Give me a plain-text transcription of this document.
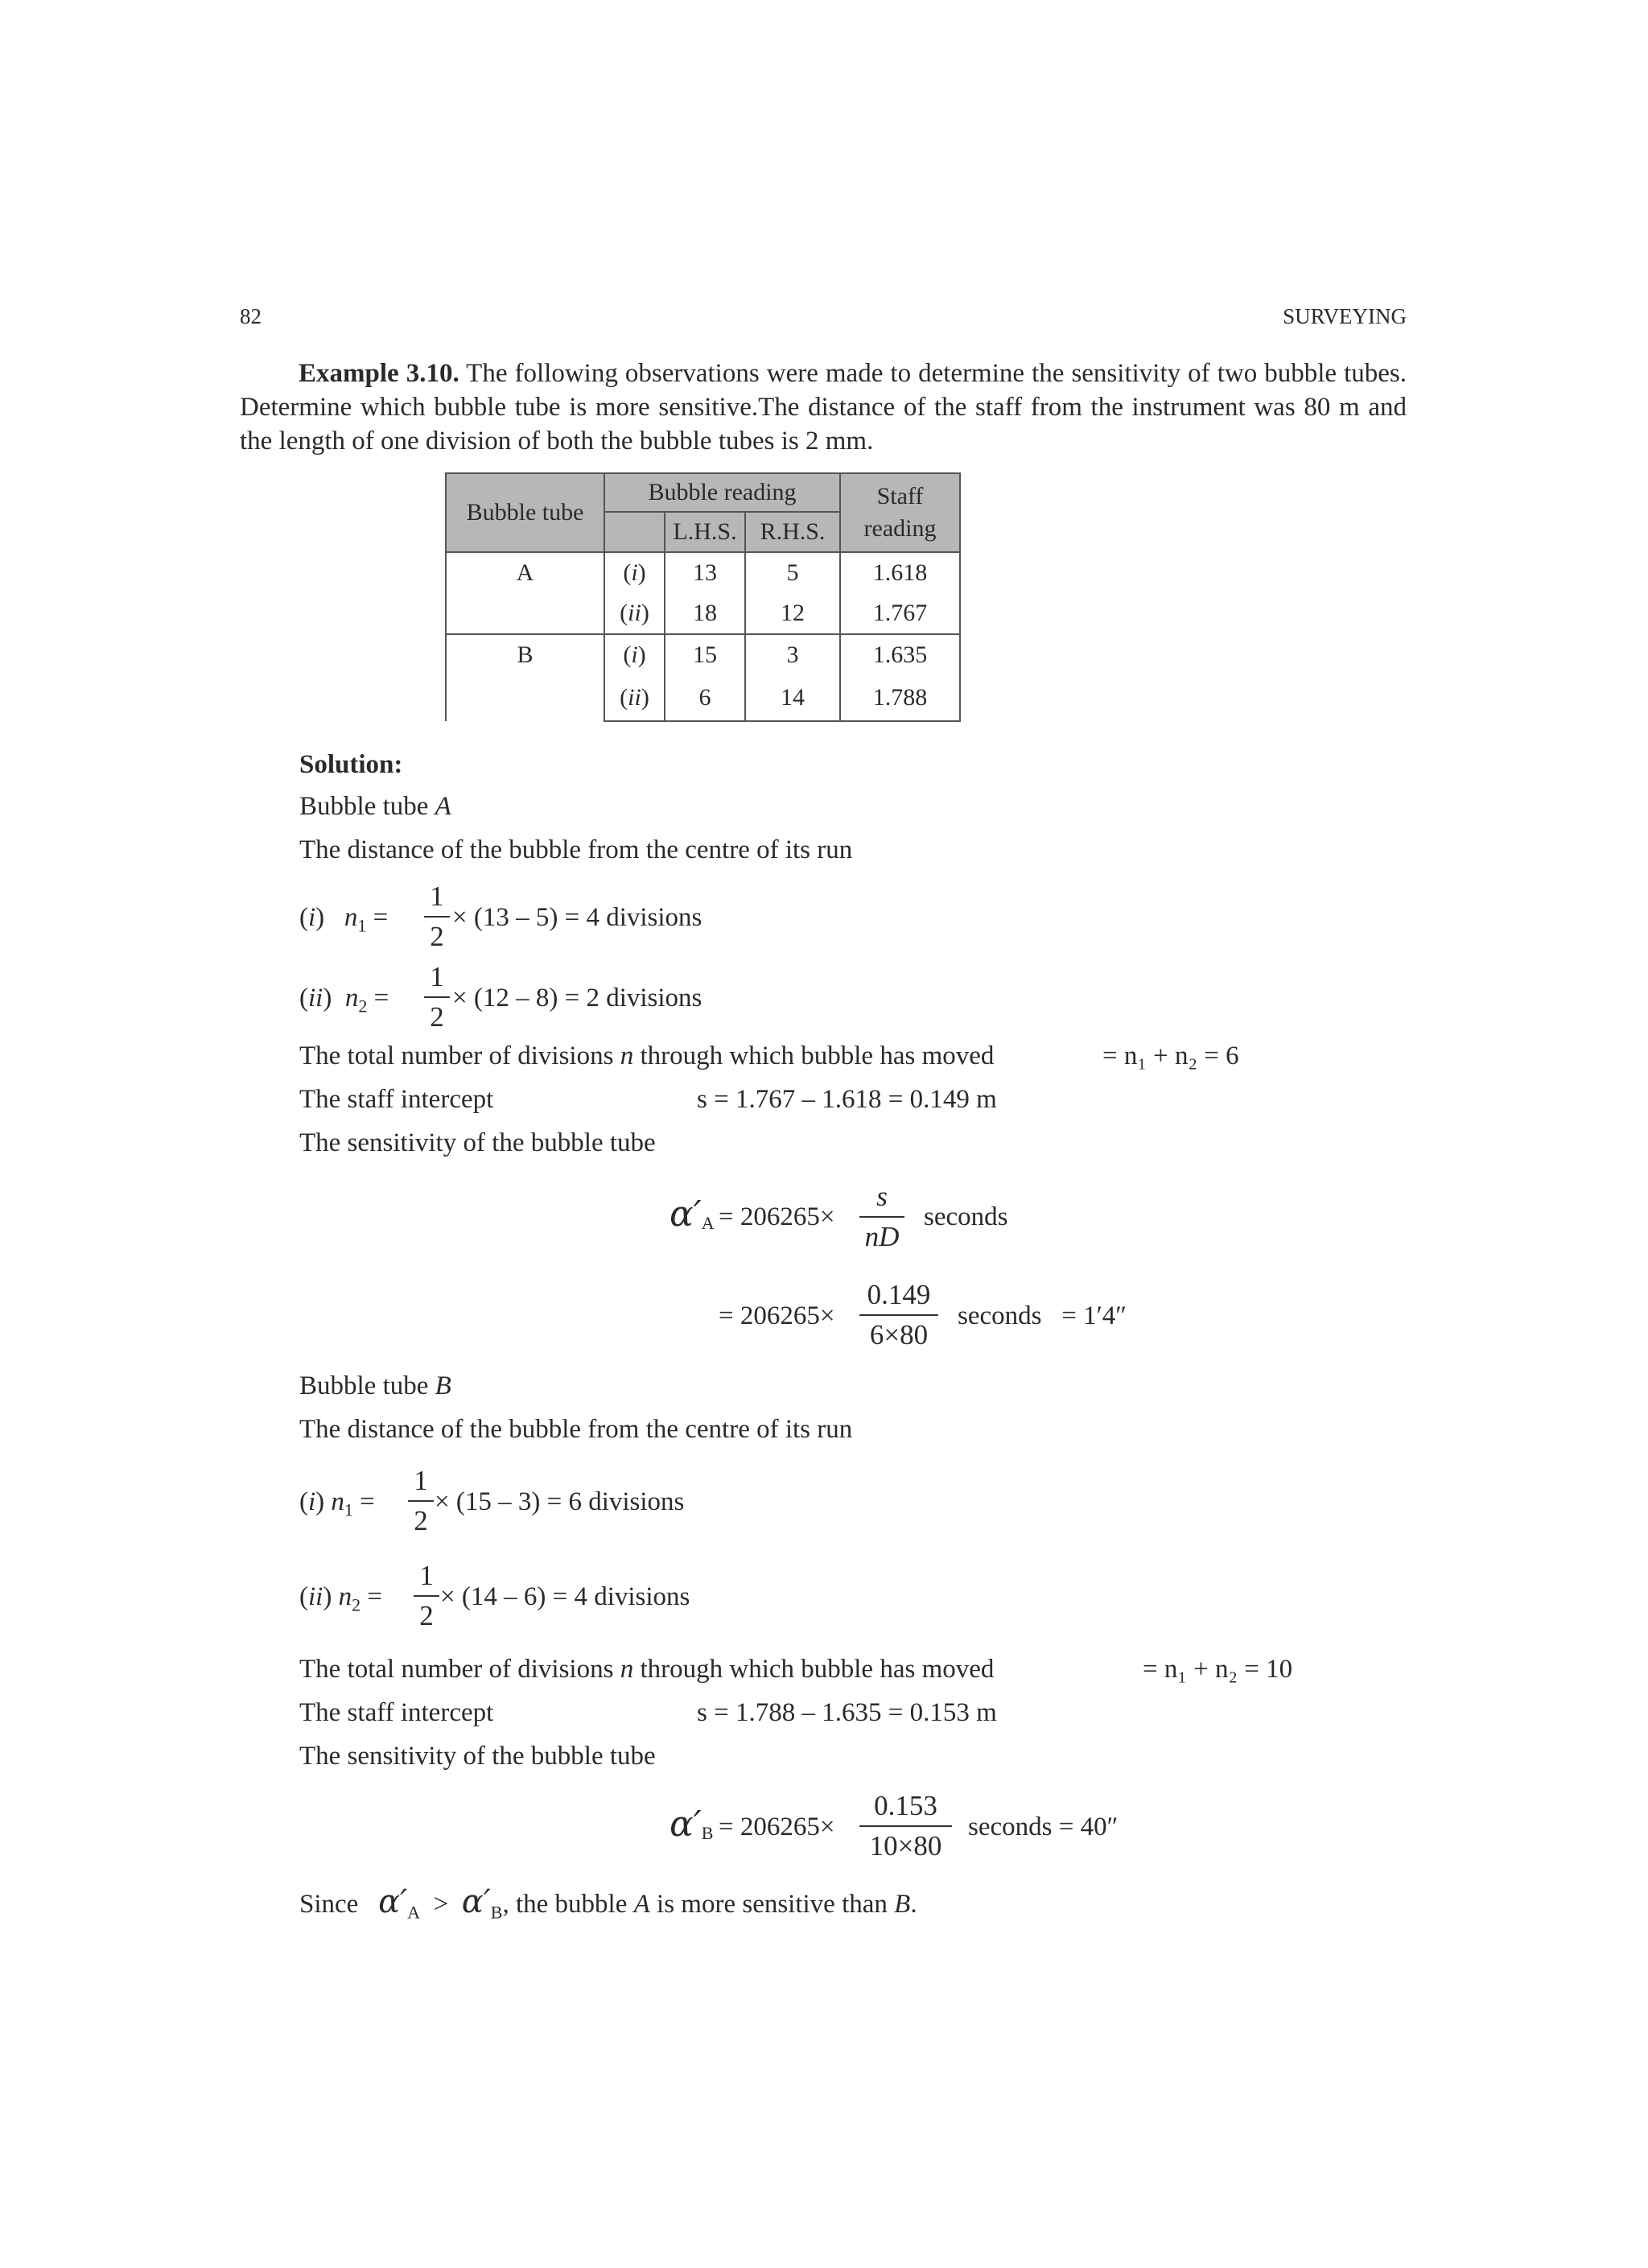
82	SURVEYING
Example 3.10. The following observations were made to determine the sensitivity of two bubble tubes. Determine which bubble tube is more sensitive.The distance of the staff from the instrument was 80 m and the length of one division of both the bubble tubes is 2 mm.
Bubble tube	Bubble reading			Staff
reading
		L.H.S.	R.H.S.	
A	(i)	13	5	1.618
	(ii)	18	12	1.767
B	(i)	15	3	1.635
	(ii)	6	14	1.788
Solution:
Bubble tube A
The distance of the bubble from the centre of its run
(i)   $n_1$ =
1
2
× (13 – 5) = 4 divisions
(ii)  $n_2$ =
1
2
× (12 – 8) = 2 divisions
The total number of divisions n through which bubble has moved	= n₁ + n₂ = 6
The staff intercept	s = 1.767 – 1.618 = 0.149 m
The sensitivity of the bubble tube
$\alpha'_A = 206265\times$
s
nD
seconds
= 206265×
0.149
6×80
seconds   = 1′4″
Bubble tube B
The distance of the bubble from the centre of its run
(i) $n_1$ =
1
2
× (15 – 3) = 6 divisions
(ii) $n_2$ =
1
2
× (14 – 6) = 4 divisions
The total number of divisions n through which bubble has moved	= n₁ + n₂ = 10
The staff intercept	s = 1.788 – 1.635 = 0.153 m
The sensitivity of the bubble tube
$\alpha'_B = 206265\times$
0.153
10×80
seconds = 40″
Since $\alpha'_A > \alpha'_B$, the bubble A is more sensitive than B.
